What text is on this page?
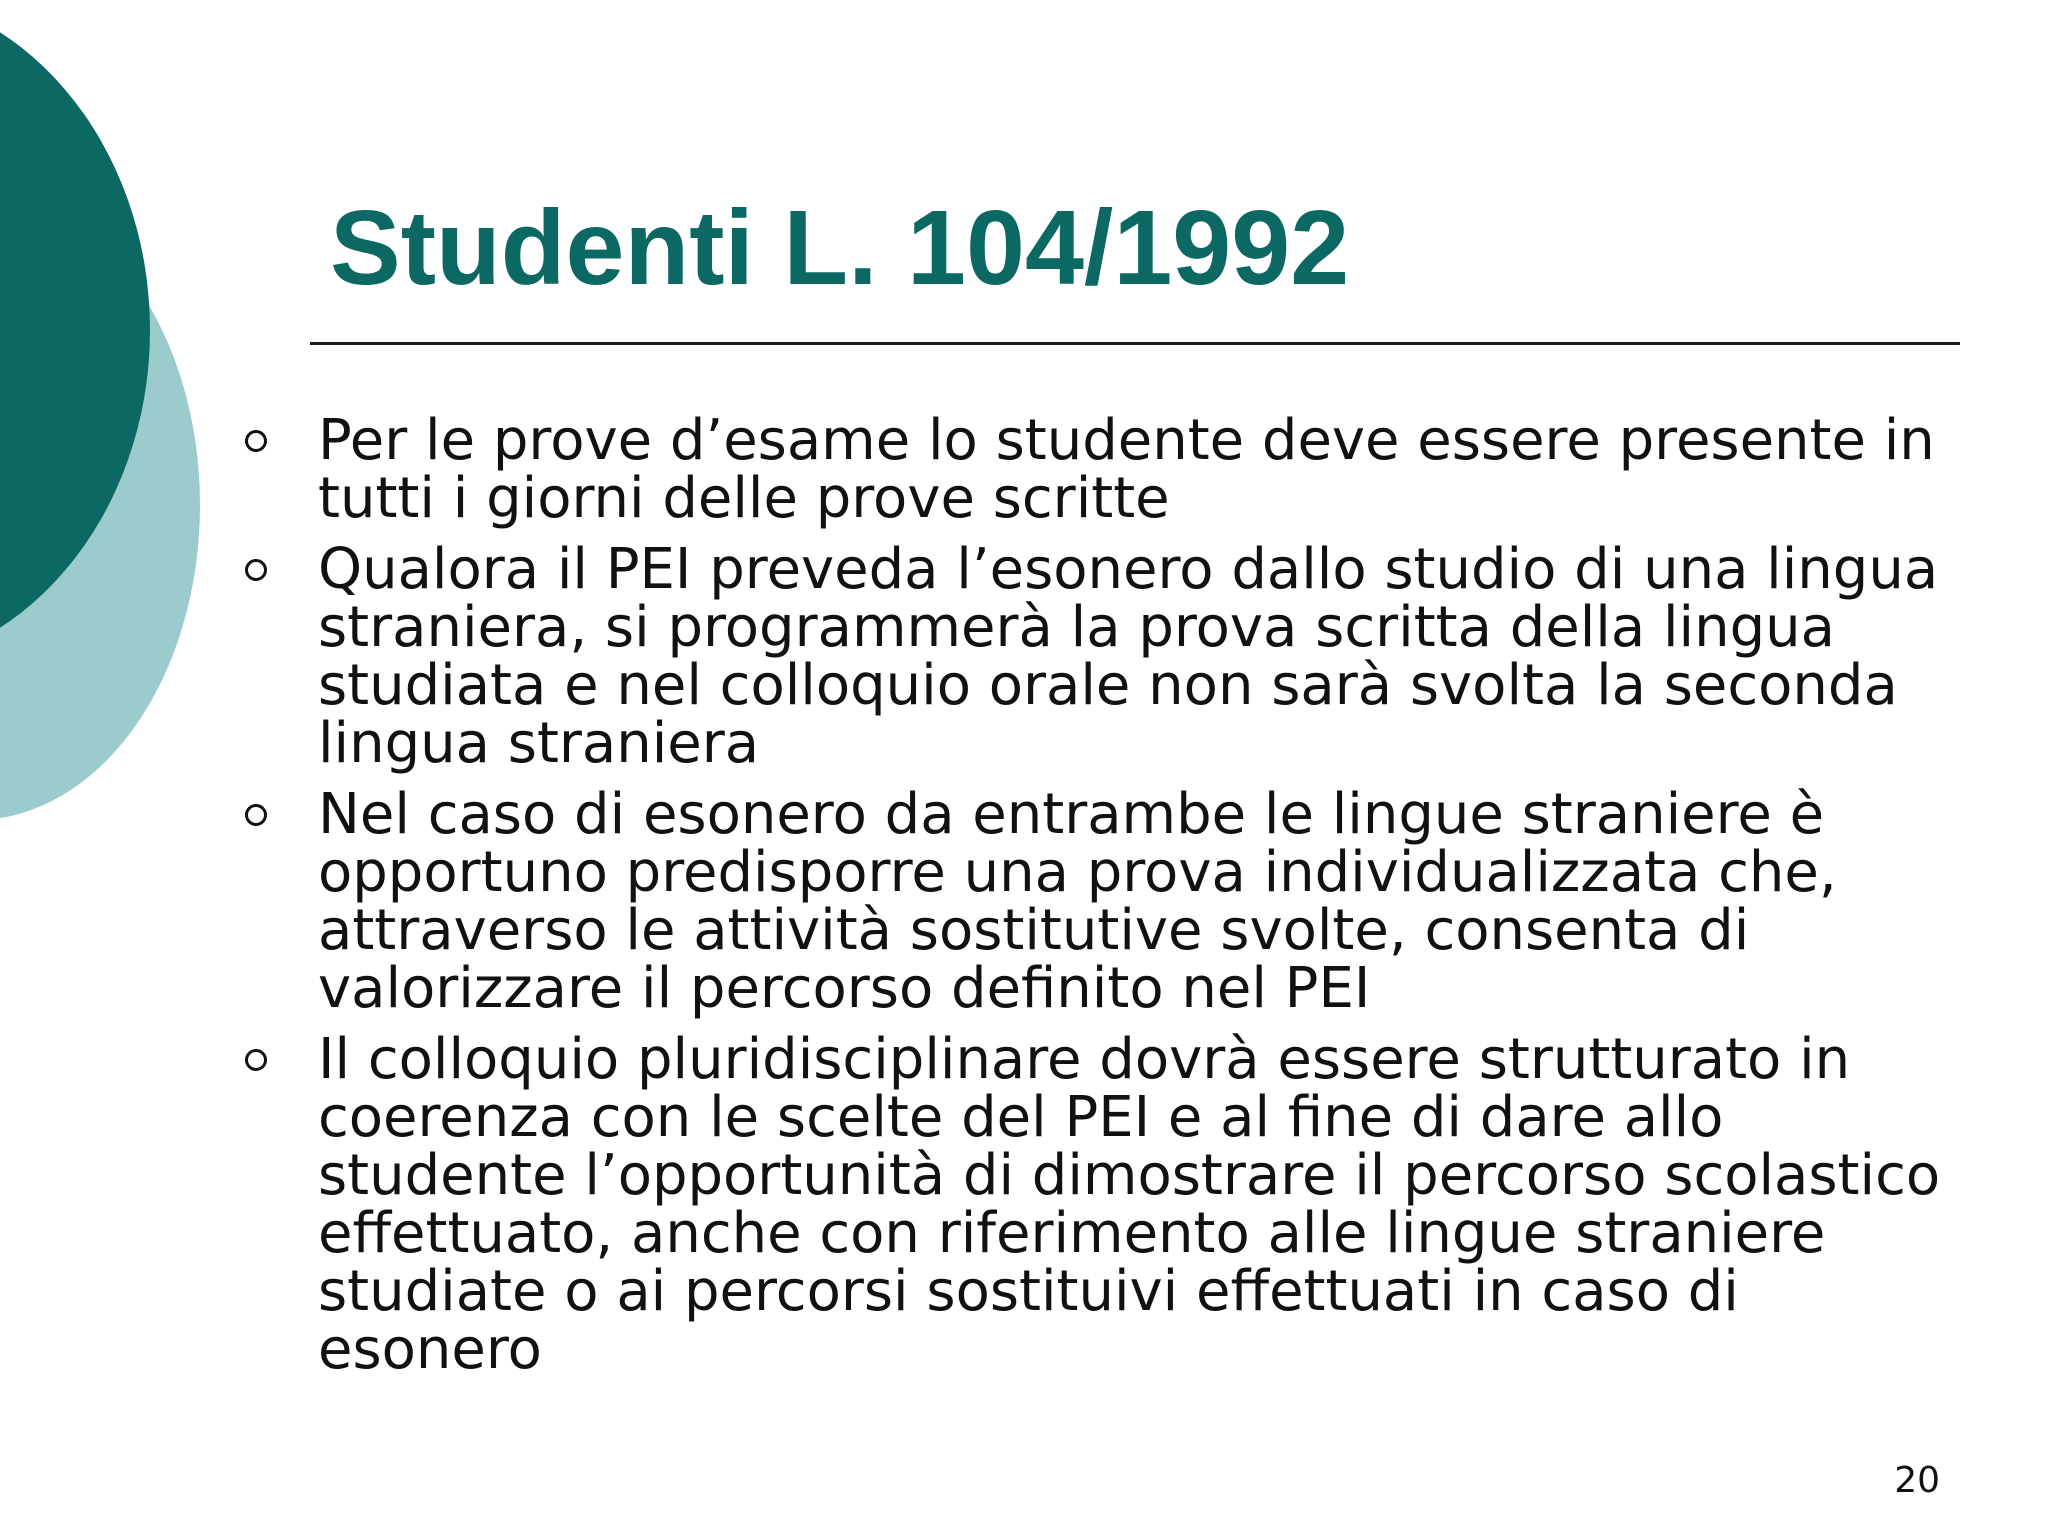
Studenti L. 104/1992
Per le prove d’esame lo studente deve essere presente in tutti i giorni delle prove scritte
Qualora il PEI preveda l’esonero dallo studio di una lingua straniera, si programmerà la prova scritta della lingua studiata e nel colloquio orale non sarà svolta la seconda lingua straniera
Nel caso di esonero da entrambe le lingue straniere è opportuno predisporre una prova individualizzata che, attraverso le attività sostitutive svolte, consenta di valorizzare il percorso definito nel PEI
Il colloquio pluridisciplinare dovrà essere strutturato in coerenza con le scelte del PEI e al fine di dare allo studente l’opportunità di dimostrare il percorso scolastico effettuato, anche con riferimento alle lingue straniere studiate o ai percorsi sostituivi effettuati in caso di esonero
20
